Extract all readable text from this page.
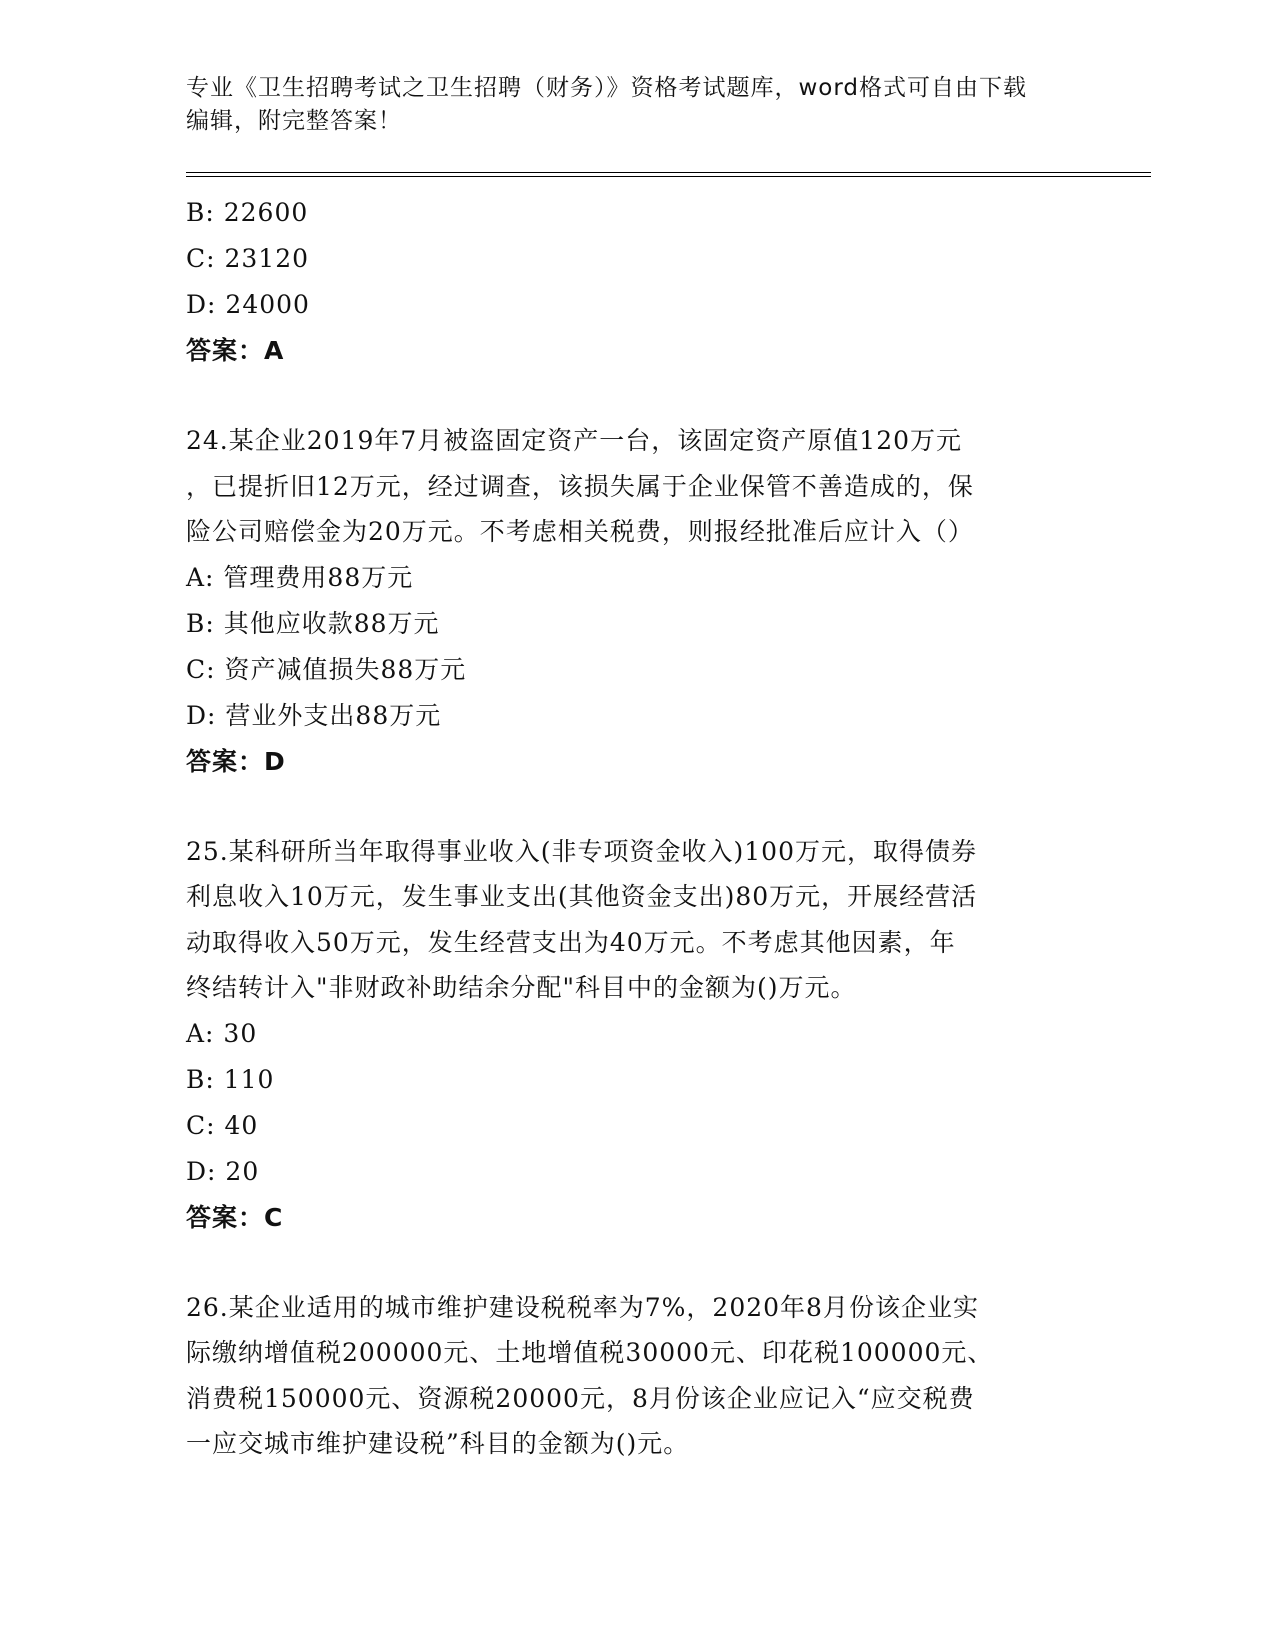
专业《卫生招聘考试之卫生招聘（财务）》资格考试题库，word格式可自由下载
编辑，附完整答案！
B: 22600
C: 23120
D: 24000
答案：A
24.某企业2019年7月被盗固定资产一台，该固定资产原值120万元
，已提折旧12万元，经过调查，该损失属于企业保管不善造成的，保
险公司赔偿金为20万元。不考虑相关税费，则报经批准后应计入（）
A: 管理费用88万元
B: 其他应收款88万元
C: 资产减值损失88万元
D: 营业外支出88万元
答案：D
25.某科研所当年取得事业收入(非专项资金收入)100万元，取得债券
利息收入10万元，发生事业支出(其他资金支出)80万元，开展经营活
动取得收入50万元，发生经营支出为40万元。不考虑其他因素，年
终结转计入"非财政补助结余分配"科目中的金额为()万元。
A: 30
B: 110
C: 40
D: 20
答案：C
26.某企业适用的城市维护建设税税率为7%，2020年8月份该企业实
际缴纳增值税200000元、土地增值税30000元、印花税100000元、
消费税150000元、资源税20000元，8月份该企业应记入“应交税费
一应交城市维护建设税”科目的金额为()元。
